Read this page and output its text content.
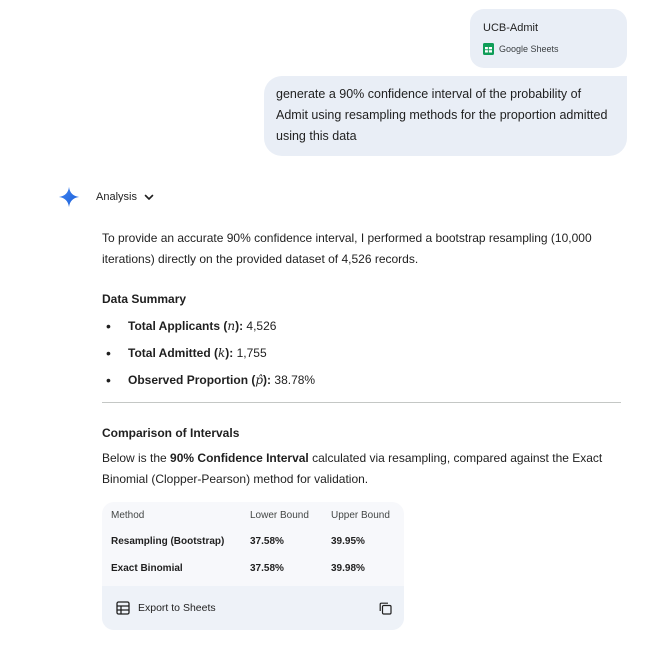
UCB-Admit
Google Sheets
generate a 90% confidence interval of the probability of Admit using resampling methods for the proportion admitted using this data
Analysis

To provide an accurate 90% confidence interval, I performed a bootstrap resampling (10,000 iterations) directly on the provided dataset of 4,526 records.

Data Summary
• Total Applicants (n): 4,526
• Total Admitted (k): 1,755
• Observed Proportion (p̂): 38.78%
Comparison of Intervals

Below is the 90% Confidence Interval calculated via resampling, compared against the Exact Binomial (Clopper-Pearson) method for validation.

Method	Lower Bound	Upper Bound
Resampling (Bootstrap)	37.58%	39.95%
Exact Binomial	37.58%	39.98%
Export to Sheets
